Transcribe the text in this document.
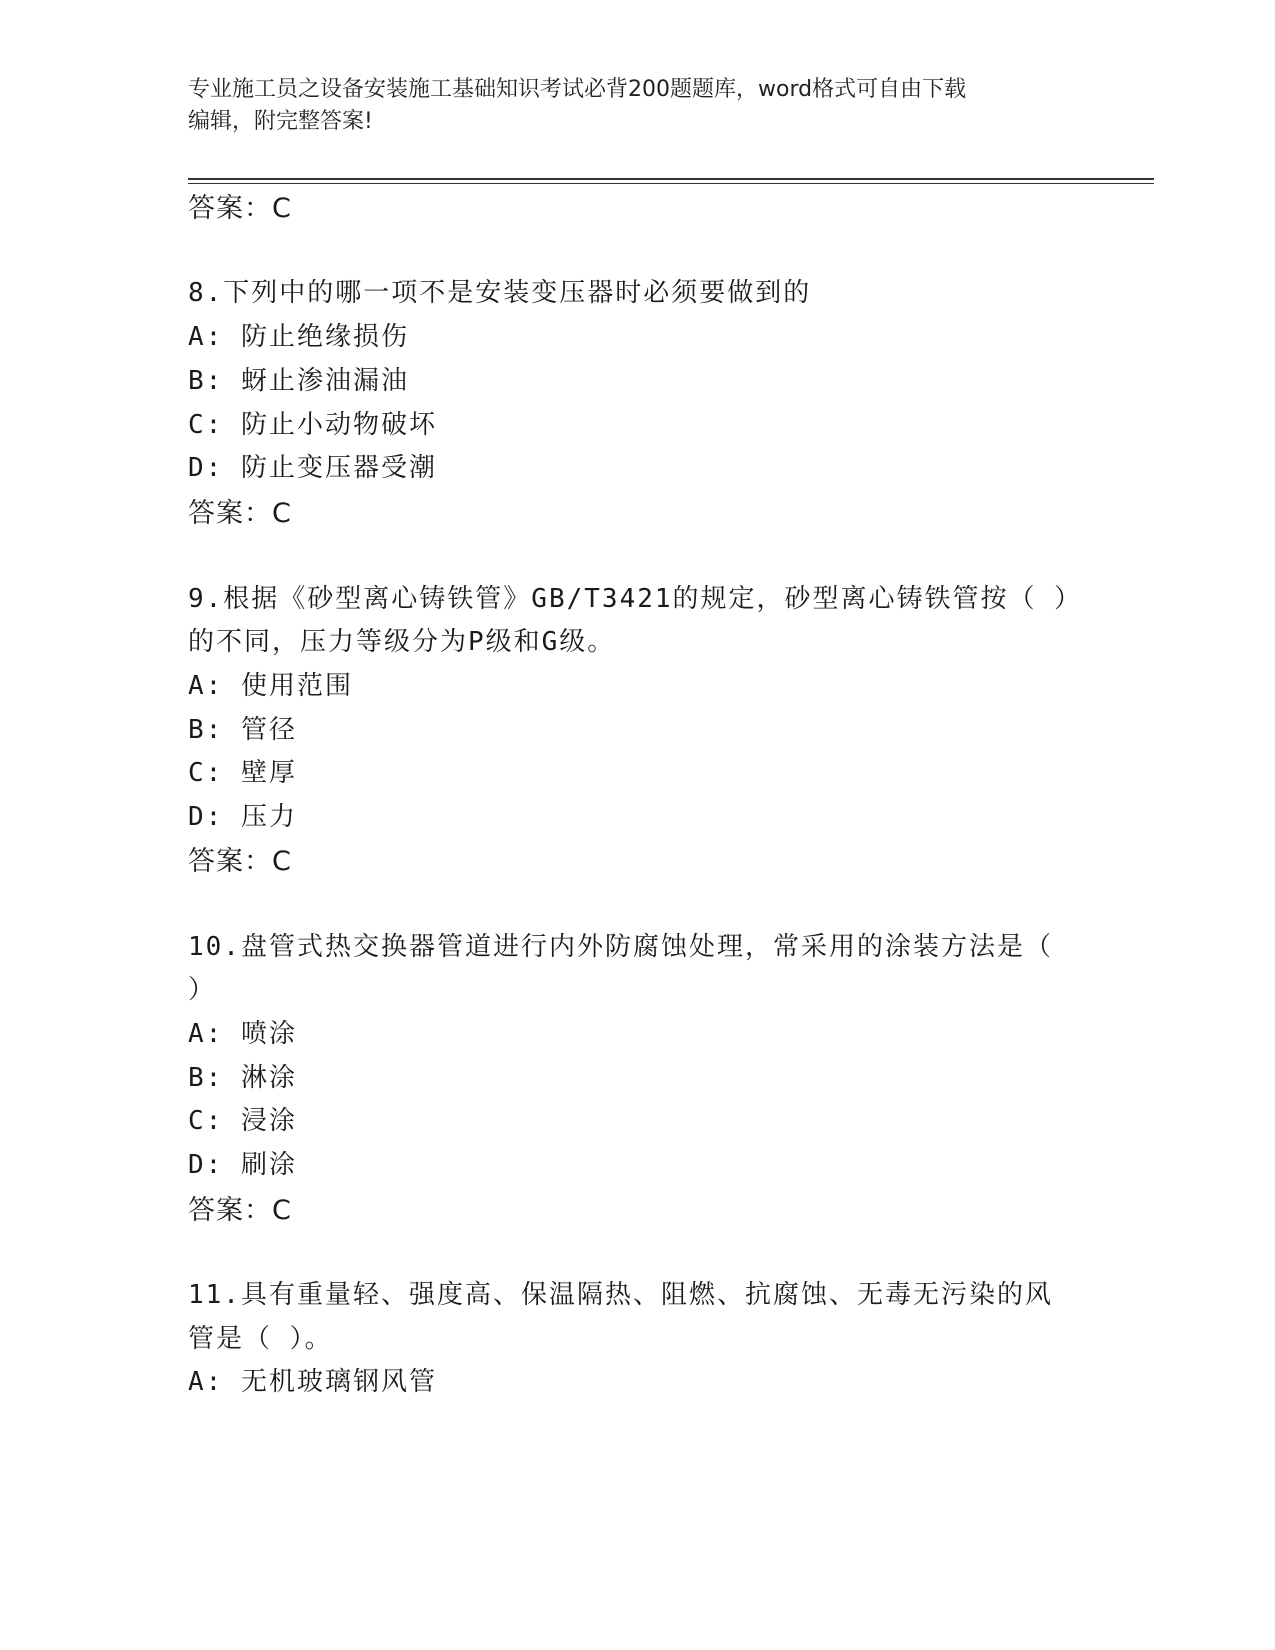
专业施工员之设备安装施工基础知识考试必背200题题库，word格式可自由下载
编辑，附完整答案!
答案：C
8.下列中的哪一项不是安装变压器时必须要做到的
A: 防止绝缘损伤
B: 蚜止渗油漏油
C: 防止小动物破坏
D: 防止变压器受潮
答案：C
9.根据《砂型离心铸铁管》GB/T3421的规定，砂型离心铸铁管按（ ）
的不同，压力等级分为P级和G级。
A: 使用范围
B: 管径
C: 壁厚
D: 压力
答案：C
10.盘管式热交换器管道进行内外防腐蚀处理，常采用的涂装方法是（
）
A: 喷涂
B: 淋涂
C: 浸涂
D: 刷涂
答案：C
11.具有重量轻、强度高、保温隔热、阻燃、抗腐蚀、无毒无污染的风
管是（ ）。
A: 无机玻璃钢风管
